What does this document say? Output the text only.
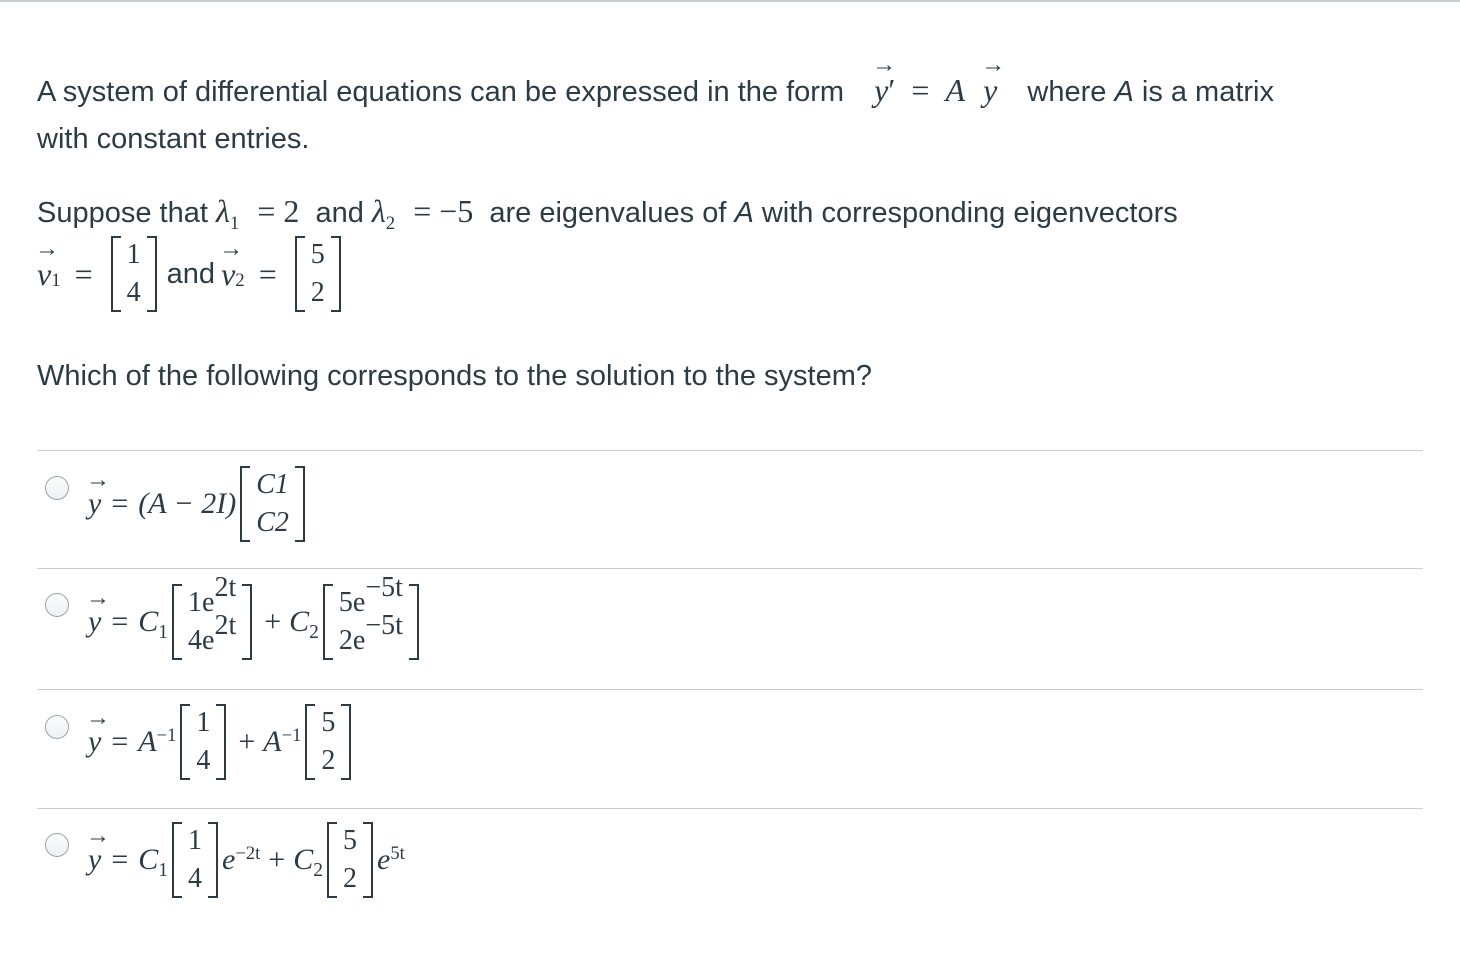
A system of differential equations can be expressed in the form
→
y′ = A
→
y where A is a matrix
with constant entries.
Suppose that $\lambda_1 = 2$ and $\lambda_2 = -5$ are eigenvalues of A with corresponding eigenvectors
→
v 1 =
1
4
and
→
v 2 =
5
2
Which of the following corresponds to the solution to the system?
→
y = (A − 2I)
C1
C2
→
$y = C_1$
1e2t
$4e2t + C_2$
5e−5t
2e−5t
→
$y = A^{-1}$ 1
4
+ $A^{-1}$ 5
2
→
$y = C_1$
1
4
$e^{-2t} + C_2$
5
2
$e^{5t}$
